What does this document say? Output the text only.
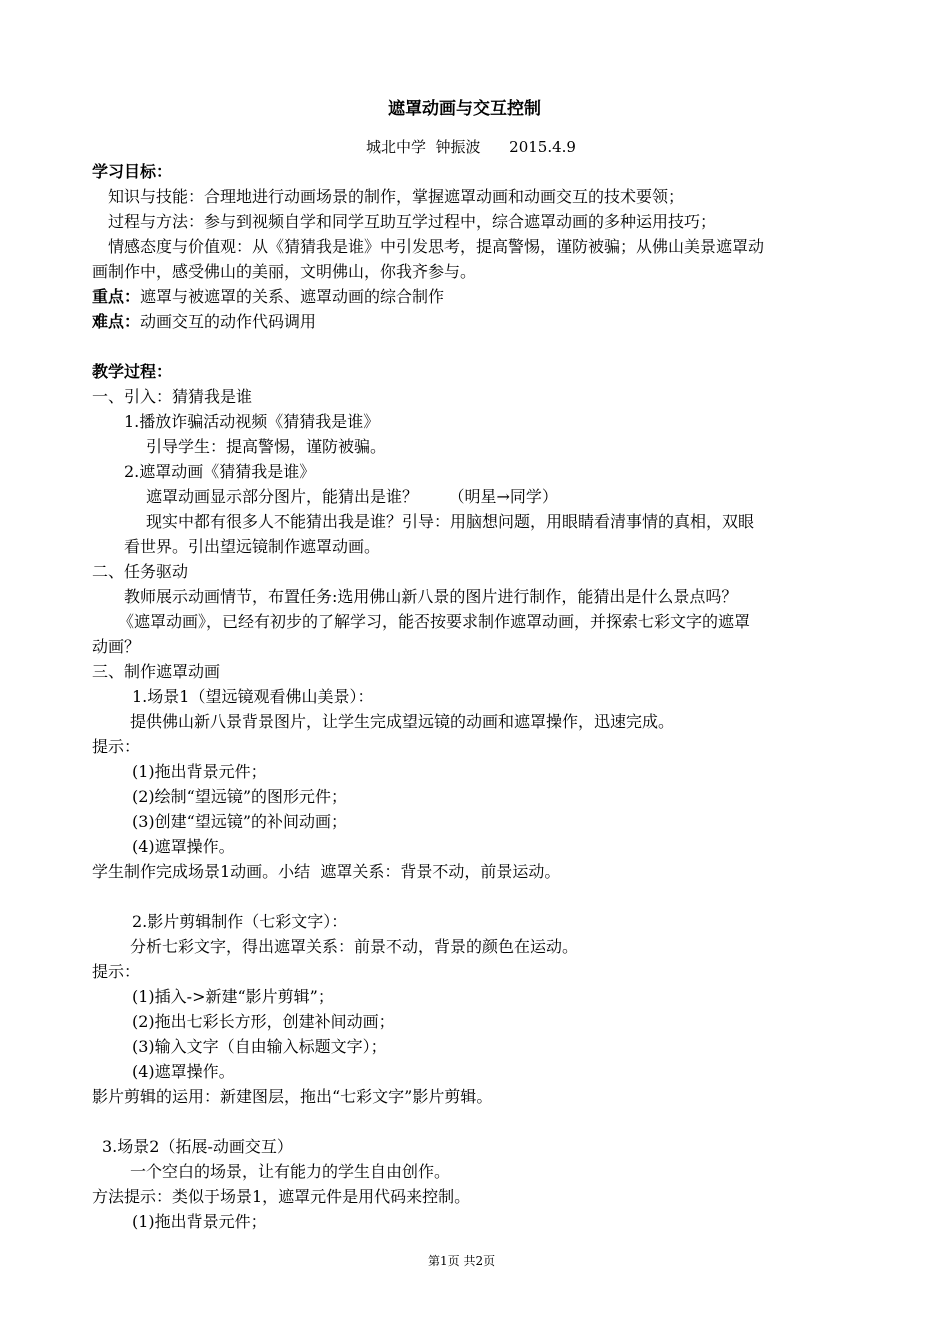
遮罩动画与交互控制
城北中学  钟振波      2015.4.9
学习目标：
知识与技能：合理地进行动画场景的制作，掌握遮罩动画和动画交互的技术要领；
过程与方法：参与到视频自学和同学互助互学过程中，综合遮罩动画的多种运用技巧；
情感态度与价值观：从《猜猜我是谁》中引发思考，提高警惕，谨防被骗；从佛山美景遮罩动
画制作中，感受佛山的美丽，文明佛山，你我齐参与。
重点：遮罩与被遮罩的关系、遮罩动画的综合制作
难点：动画交互的动作代码调用
教学过程：
一、引入：猜猜我是谁
1.播放诈骗活动视频《猜猜我是谁》
引导学生：提高警惕，谨防被骗。
2.遮罩动画《猜猜我是谁》
遮罩动画显示部分图片，能猜出是谁？      （明星→同学）
现实中都有很多人不能猜出我是谁？引导：用脑想问题，用眼睛看清事情的真相，双眼
看世界。引出望远镜制作遮罩动画。
二、任务驱动
教师展示动画情节，布置任务:选用佛山新八景的图片进行制作，能猜出是什么景点吗？
《遮罩动画》，已经有初步的了解学习，能否按要求制作遮罩动画，并探索七彩文字的遮罩
动画？
三、制作遮罩动画
1.场景1（望远镜观看佛山美景）：
提供佛山新八景背景图片，让学生完成望远镜的动画和遮罩操作，迅速完成。
提示：
(1)拖出背景元件；
(2)绘制“望远镜”的图形元件；
(3)创建“望远镜”的补间动画；
(4)遮罩操作。
学生制作完成场景1动画。小结  遮罩关系：背景不动，前景运动。
2.影片剪辑制作（七彩文字）：
分析七彩文字，得出遮罩关系：前景不动，背景的颜色在运动。
提示：
(1)插入->新建“影片剪辑”；
(2)拖出七彩长方形，创建补间动画；
(3)输入文字（自由输入标题文字）；
(4)遮罩操作。
影片剪辑的运用：新建图层，拖出“七彩文字”影片剪辑。
3.场景2（拓展-动画交互）
一个空白的场景，让有能力的学生自由创作。
方法提示：类似于场景1，遮罩元件是用代码来控制。
(1)拖出背景元件；
第1页 共2页
